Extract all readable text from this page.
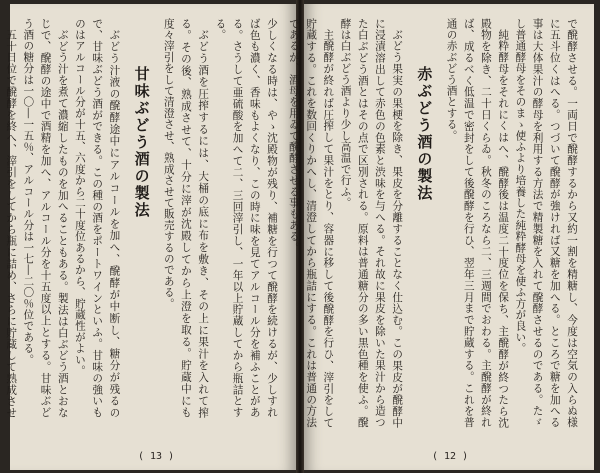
少しくなる時は、やゝ沈殿物が残り、補糖を行つて醗酵を続けるが、少しすれば色も濃く、香味もよくなり、この時に味を見てアルコール分を補ふことがある。さうして亜硫酸を加へて二、三回滓引し、一年以上貯蔵してから瓶詰とする。

ぶどう酒を圧搾するには、大桶の底に布を敷き、その上に果汁を入れて搾る。その後、熟成させて、十分に滓が沈殿してから上澄を取る。貯蔵中にも度々滓引をして清澄させ、熟成させて販売するのである。

甘味ぶどう酒の製法

ぶどう汁液の醗酵途中にアルコールを加へ、醗酵が中断し、糖分が残るので、甘味ぶどう酒ができる。この種の酒をポートワインといふ。甘味の強いものはアルコール分が十五、六度から二十度位あるから、貯蔵性がよい。

ぶどう汁を煮て濃縮したものを加へることもある。製法は白ぶどう酒とおなじで、醗酵の途中で酒精を加へ、アルコール分を十五度以上とする。甘味ぶどう酒の糖分は一〇―一五％、アルコール分は一七―二〇％位である。

五十日位で醗酵を終へ、滓引をしてから瓶に詰め、さらに貯蔵して熟成させ

( 13 )

で醗酵させる。一両日で醗酵するから又約一割を精糖し、今度は空気の入らぬ様に五斗位くはへる。つづいて醗酵が強ければ又糖を加へる。ところで糖を加へる事は大体果汁の酵母を利用する方法で精製糖を入れて醗酵させるのである。たゞし普通酵母をそのまゝ使ふより培養した純粋酵母を使ふ方が良い。

純粋酵母をそれにくはへ、醗酵後は温度二十度位を保ち、主醗酵が終つたら沈殿物を除き、二十日くらゐ。秋冬のころなら二、三週間でおわる。主醗酵が終れば、成るべく低温で密封をして後醗酵を行ひ、翌年三月まで貯蔵する。これを普通の赤ぶどう酒とする。

赤ぶどう酒の製法

ぶどう果実の果梗を除き、果皮を分離することなく仕込む。この果皮が醗酵中に浸漬溶出して赤色の色素と渋味を与へる。それ故に果皮を除いた果汁から造つた白ぶどう酒とはその点で区別される。原料は普通糖分の多い黒色種を使ふ。醗酵は白ぶどう酒より少し高温で行ふ。

主醗酵が終れば圧搾して果汁をとり、容器に移して後醗酵を行ひ、滓引をして貯蔵する。これを数回くりかへし、清澄してから瓶詰にする。これは普通の方法であるが、酒母を用ゐて醗酵させる事もある。

( 12 )
